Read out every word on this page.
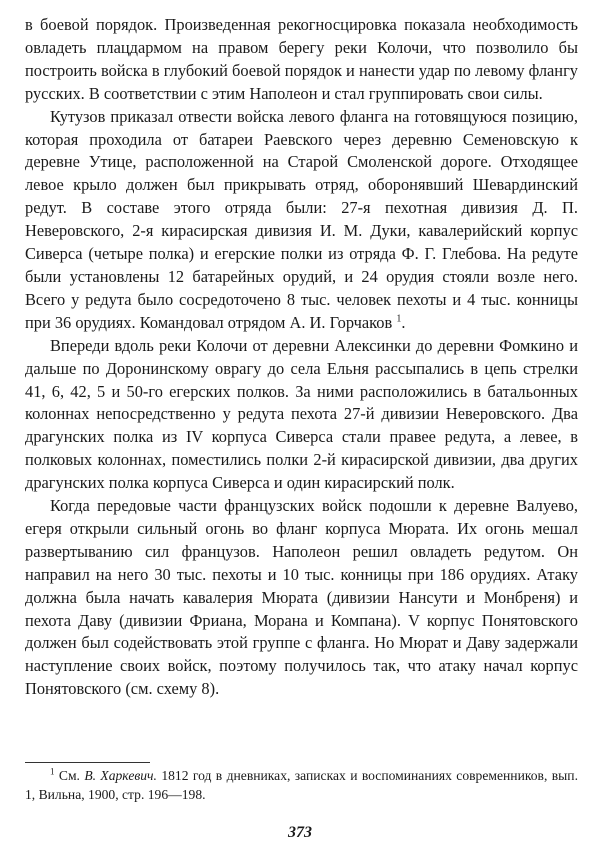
в боевой порядок. Произведенная рекогносцировка показала необходимость овладеть плацдармом на правом берегу реки Колочи, что позволило бы построить войска в глубокий боевой порядок и нанести удар по левому флангу русских. В соответствии с этим Наполеон и стал группировать свои силы.

Кутузов приказал отвести войска левого фланга на готовящуюся позицию, которая проходила от батареи Раевского через деревню Семеновскую к деревне Утице, расположенной на Старой Смоленской дороге. Отходящее левое крыло должен был прикрывать отряд, оборонявший Шевардинский редут. В составе этого отряда были: 27-я пехотная дивизия Д. П. Неверовского, 2-я кирасирская дивизия И. М. Дуки, кавалерийский корпус Сиверса (четыре полка) и егерские полки из отряда Ф. Г. Глебова. На редуте были установлены 12 батарейных орудий, и 24 орудия стояли возле него. Всего у редута было сосредоточено 8 тыс. человек пехоты и 4 тыс. конницы при 36 орудиях. Командовал отрядом А. И. Горчаков $^1$.

Впереди вдоль реки Колочи от деревни Алексинки до деревни Фомкино и дальше по Доронинскому оврагу до села Ельня рассыпались в цепь стрелки 41, 6, 42, 5 и 50-го егерских полков. За ними расположились в батальонных колоннах непосредственно у редута пехота 27-й дивизии Неверовского. Два драгунских полка из IV корпуса Сиверса стали правее редута, а левее, в полковых колоннах, поместились полки 2-й кирасирской дивизии, два других драгунских полка корпуса Сиверса и один кирасирский полк.

Когда передовые части французских войск подошли к деревне Валуево, егеря открыли сильный огонь во фланг корпуса Мюрата. Их огонь мешал развертыванию сил французов. Наполеон решил овладеть редутом. Он направил на него 30 тыс. пехоты и 10 тыс. конницы при 186 орудиях. Атаку должна была начать кавалерия Мюрата (дивизии Нансути и Монбреня) и пехота Даву (дивизии Фриана, Морана и Компана). V корпус Понятовского должен был содействовать этой группе с фланга. Но Мюрат и Даву задержали наступление своих войск, поэтому получилось так, что атаку начал корпус Понятовского (см. схему 8).

$^1$ См. В. Харкевич. 1812 год в дневниках, записках и воспоминаниях современников, вып. 1, Вильна, 1900, стр. 196—198.

373
